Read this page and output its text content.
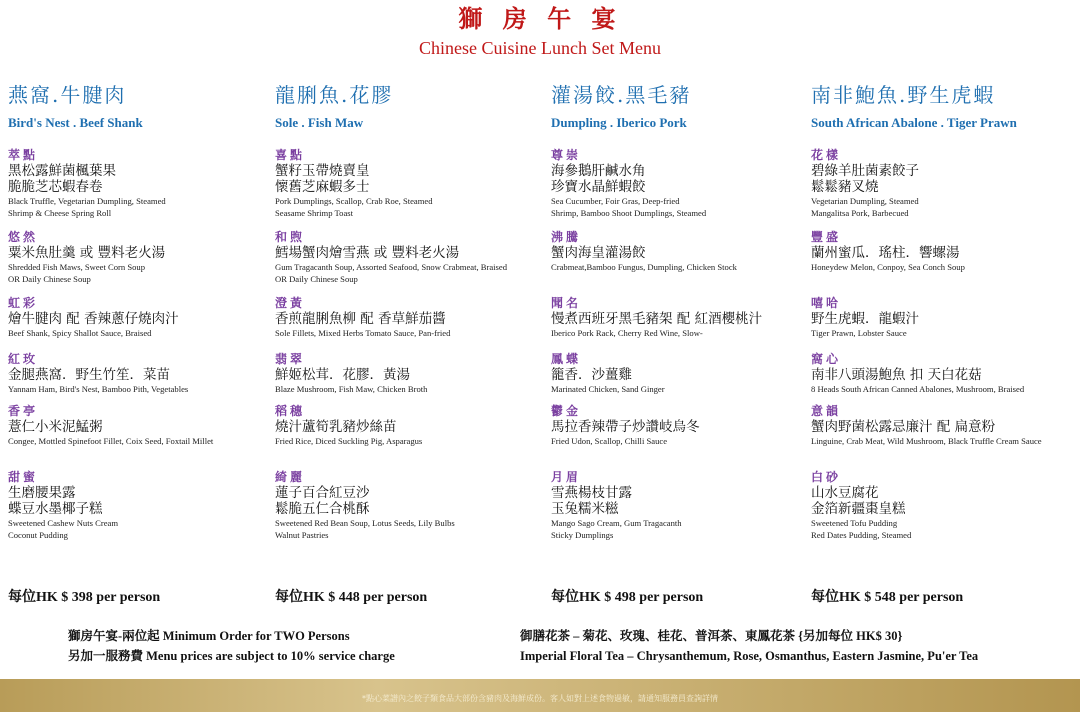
獅 房 午 宴
Chinese Cuisine Lunch Set Menu
燕窩.牛腱肉
Bird's Nest . Beef Shank
萃點
黑松露鮮菌楓葉果
脆脆芝芯蝦春卷
Black Truffle, Vegetarian Dumpling, Steamed
Shrimp & Cheese Spring Roll
悠然
粟米魚肚羹 或 豐料老火湯
Shredded Fish Maws, Sweet Corn Soup
OR Daily Chinese Soup
虹彩
燴牛腱肉 配 香辣蔥仔燒肉汁
Beef Shank, Spicy Shallot Sauce, Braised
紅玫
金腿燕窩．野生竹笙．菜苗
Yannam Ham, Bird's Nest, Bamboo Pith, Vegetables
香亭
薏仁小米泥鯭粥
Congee, Mottled Spinefoot Fillet, Coix Seed, Foxtail Millet
甜蜜
生磨腰果露
蝶豆水墨椰子糕
Sweetened Cashew Nuts Cream
Coconut Pudding
每位HK $ 398 per person
龍脷魚.花膠
Sole . Fish Maw
喜點
蟹籽玉帶燒賣皇
懷舊芝麻蝦多士
Pork Dumplings, Scallop, Crab Roe, Steamed
Seasame Shrimp Toast
和煦
鱈場蟹肉燴雪燕 或 豐料老火湯
Gum Tragacanth Soup, Assorted Seafood, Snow Crabmeat, Braised
OR Daily Chinese Soup
澄黃
香煎龍脷魚柳 配 香草鮮茄醬
Sole Fillets, Mixed Herbs Tomato Sauce, Pan-fried
翡翠
鮮姬松茸．花膠．黃湯
Blaze Mushroom, Fish Maw, Chicken Broth
稻穗
燒汁蘆筍乳豬炒絲苗
Fried Rice, Diced Suckling Pig, Asparagus
綺麗
蓮子百合紅豆沙
鬆脆五仁合桃酥
Sweetened Red Bean Soup, Lotus Seeds, Lily Bulbs
Walnut Pastries
每位HK $ 448 per person
灌湯餃.黑毛豬
Dumpling . Iberico Pork
尊崇
海參鵝肝鹹水角
珍寶水晶鮮蝦餃
Sea Cucumber, Foir Gras, Deep-fried
Shrimp, Bamboo Shoot Dumplings, Steamed
沸騰
蟹肉海皇灌湯餃
Crabmeat,Bamboo Fungus, Dumpling, Chicken Stock
聞名
慢煮西班牙黑毛豬架 配 紅酒櫻桃汁
Iberico Pork Rack, Cherry Red Wine, Slow-
鳳蝶
籠香．沙薑雞
Marinated Chicken, Sand Ginger
鬱金
馬拉香辣帶子炒讚岐烏冬
Fried Udon, Scallop, Chilli Sauce
月眉
雪燕楊枝甘露
玉兔糯米糍
Mango Sago Cream, Gum Tragacanth
Sticky Dumplings
每位HK $ 498 per person
南非鮑魚.野生虎蝦
South African Abalone . Tiger Prawn
花樣
碧綠羊肚菌素餃子
鬆鬆豬叉燒
Vegetarian Dumpling, Steamed
Mangalitsa Pork, Barbecued
豐盛
蘭州蜜瓜．瑤柱．響螺湯
Honeydew Melon, Conpoy, Sea Conch Soup
嘻哈
野生虎蝦．龍蝦汁
Tiger Prawn, Lobster Sauce
窩心
南非八頭湯鮑魚 扣 天白花菇
8 Heads South African Canned Abalones, Mushroom, Braised
意韻
蟹肉野菌松露忌廉汁 配 扁意粉
Linguine, Crab Meat, Wild Mushroom, Black Truffle Cream Sauce
白砂
山水豆腐花
金箔新疆棗皇糕
Sweetened Tofu Pudding
Red Dates Pudding, Steamed
每位HK $ 548 per person
獅房午宴-兩位起 Minimum Order for TWO Persons
另加一服務費 Menu prices are subject to 10% service charge
御膳花茶 – 菊花、玫瑰、桂花、普洱茶、東鳳花茶 {另加每位 HK$ 30}
Imperial Floral Tea – Chrysanthemum, Rose, Osmanthus, Eastern Jasmine, Pu'er Tea
*點心菜譜內之餃子類食品大部份含豬肉及海鮮成份。客人如對上述食物過敏，請通知服務員查詢詳情
